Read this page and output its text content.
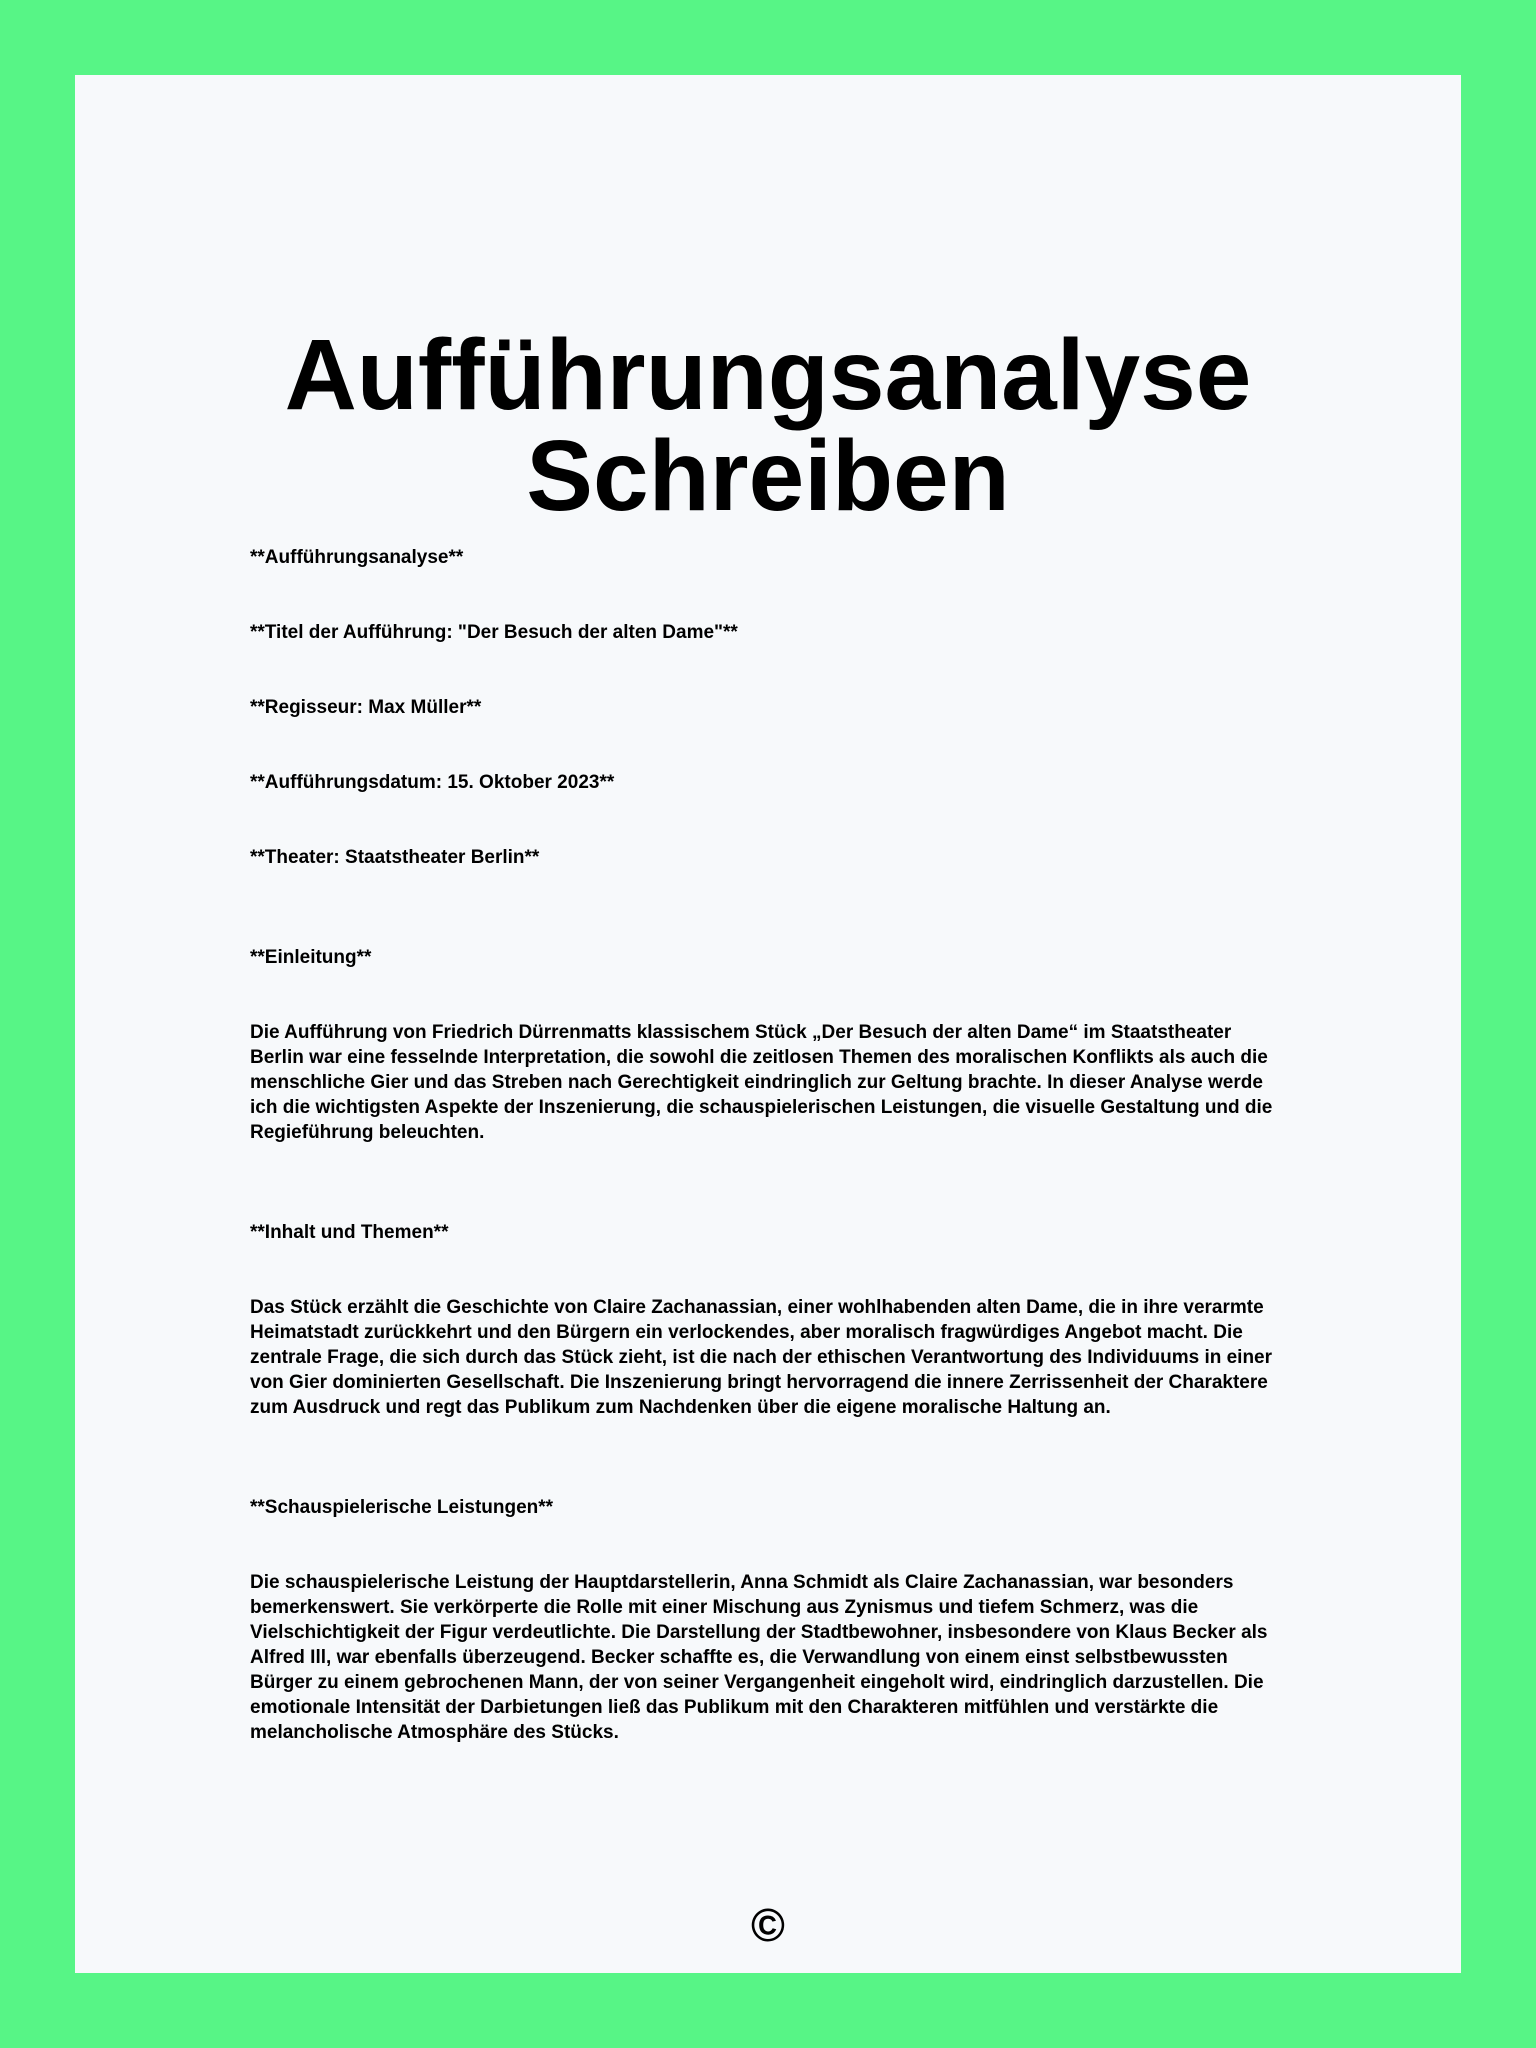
Aufführungsanalyse
Schreiben

**Aufführungsanalyse**

**Titel der Aufführung: "Der Besuch der alten Dame"**

**Regisseur: Max Müller**

**Aufführungsdatum: 15. Oktober 2023**

**Theater: Staatstheater Berlin**

**Einleitung**

Die Aufführung von Friedrich Dürrenmatts klassischem Stück „Der Besuch der alten Dame“ im Staatstheater Berlin war eine fesselnde Interpretation, die sowohl die zeitlosen Themen des moralischen Konflikts als auch die menschliche Gier und das Streben nach Gerechtigkeit eindringlich zur Geltung brachte. In dieser Analyse werde ich die wichtigsten Aspekte der Inszenierung, die schauspielerischen Leistungen, die visuelle Gestaltung und die Regieführung beleuchten.

**Inhalt und Themen**

Das Stück erzählt die Geschichte von Claire Zachanassian, einer wohlhabenden alten Dame, die in ihre verarmte Heimatstadt zurückkehrt und den Bürgern ein verlockendes, aber moralisch fragwürdiges Angebot macht. Die zentrale Frage, die sich durch das Stück zieht, ist die nach der ethischen Verantwortung des Individuums in einer von Gier dominierten Gesellschaft. Die Inszenierung bringt hervorragend die innere Zerrissenheit der Charaktere zum Ausdruck und regt das Publikum zum Nachdenken über die eigene moralische Haltung an.

**Schauspielerische Leistungen**

Die schauspielerische Leistung der Hauptdarstellerin, Anna Schmidt als Claire Zachanassian, war besonders bemerkenswert. Sie verkörperte die Rolle mit einer Mischung aus Zynismus und tiefem Schmerz, was die Vielschichtigkeit der Figur verdeutlichte. Die Darstellung der Stadtbewohner, insbesondere von Klaus Becker als Alfred Ill, war ebenfalls überzeugend. Becker schaffte es, die Verwandlung von einem einst selbstbewussten Bürger zu einem gebrochenen Mann, der von seiner Vergangenheit eingeholt wird, eindringlich darzustellen. Die emotionale Intensität der Darbietungen ließ das Publikum mit den Charakteren mitfühlen und verstärkte die melancholische Atmosphäre des Stücks.

©
